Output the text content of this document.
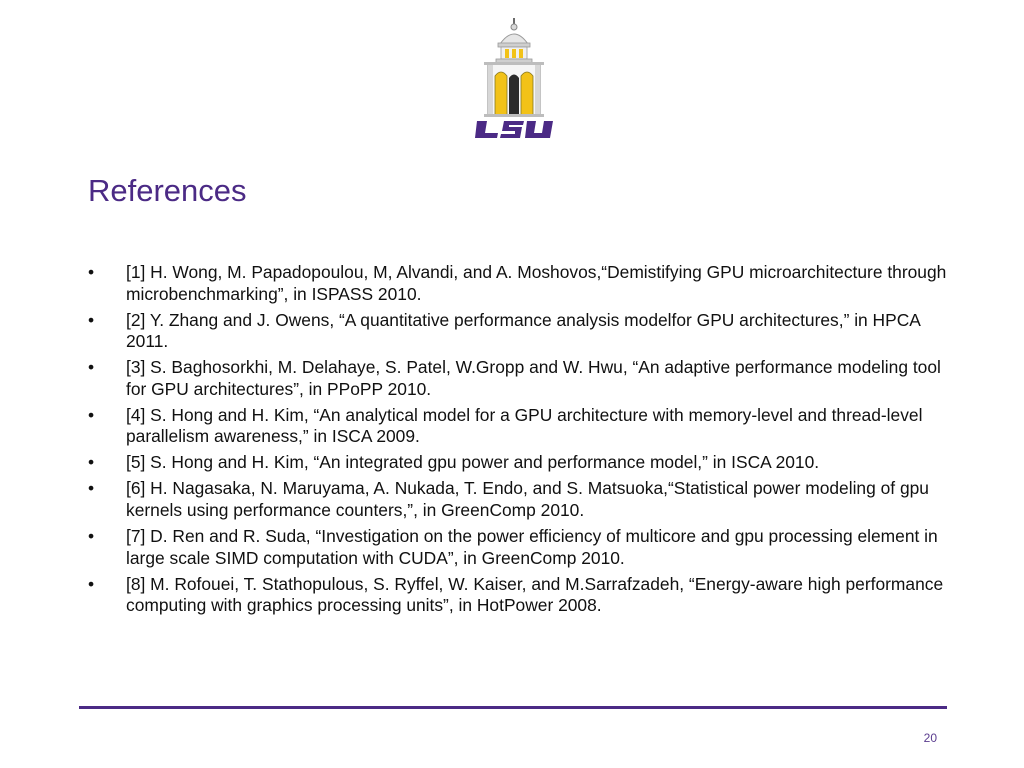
References
• [1] H. Wong, M. Papadopoulou, M, Alvandi, and A. Moshovos,“Demistifying GPU microarchitecture through microbenchmarking”, in ISPASS 2010.
• [2] Y. Zhang and J. Owens, “A quantitative performance analysis modelfor GPU architectures,” in HPCA 2011.
• [3] S. Baghosorkhi, M. Delahaye, S. Patel, W.Gropp and W. Hwu, “An adaptive performance modeling tool for GPU architectures”, in PPoPP 2010.
• [4] S. Hong and H. Kim, “An analytical model for a GPU architecture with memory-level and thread-level parallelism awareness,” in ISCA 2009.
• [5] S. Hong and H. Kim, “An integrated gpu power and performance model,” in ISCA 2010.
• [6] H. Nagasaka, N. Maruyama, A. Nukada, T. Endo, and S. Matsuoka,“Statistical power modeling of gpu kernels using performance counters,”, in GreenComp 2010.
• [7] D. Ren and R. Suda, “Investigation on the power efficiency of multicore and gpu processing element in large scale SIMD computation with CUDA”, in GreenComp 2010.
• [8] M. Rofouei, T. Stathopulous, S. Ryffel, W. Kaiser, and M.Sarrafzadeh, “Energy-aware high performance computing with graphics processing units”, in HotPower 2008.
20
